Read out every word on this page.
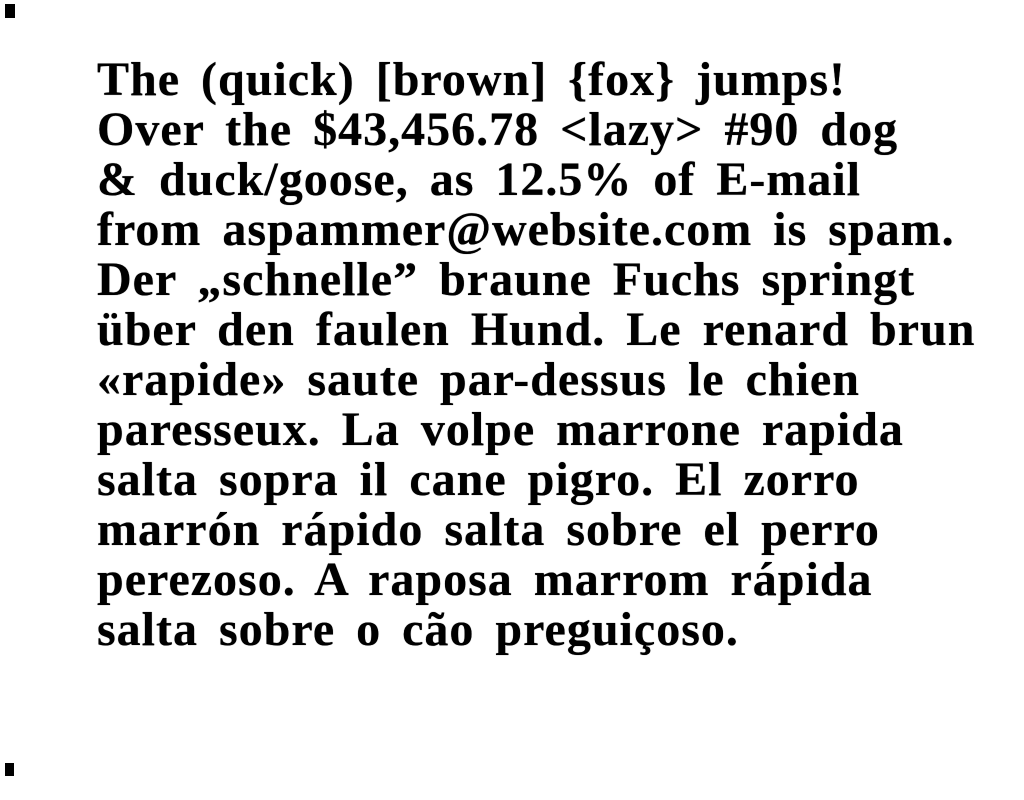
The (quick) [brown] {fox} jumps!
Over the $43,456.78 <lazy> #90 dog
& duck/goose, as 12.5% of E-mail
from aspammer@website.com is spam.
Der „schnelle” braune Fuchs springt
über den faulen Hund. Le renard brun
«rapide» saute par-dessus le chien
paresseux. La volpe marrone rapida
salta sopra il cane pigro. El zorro
marrón rápido salta sobre el perro
perezoso. A raposa marrom rápida
salta sobre o cão preguiçoso.
